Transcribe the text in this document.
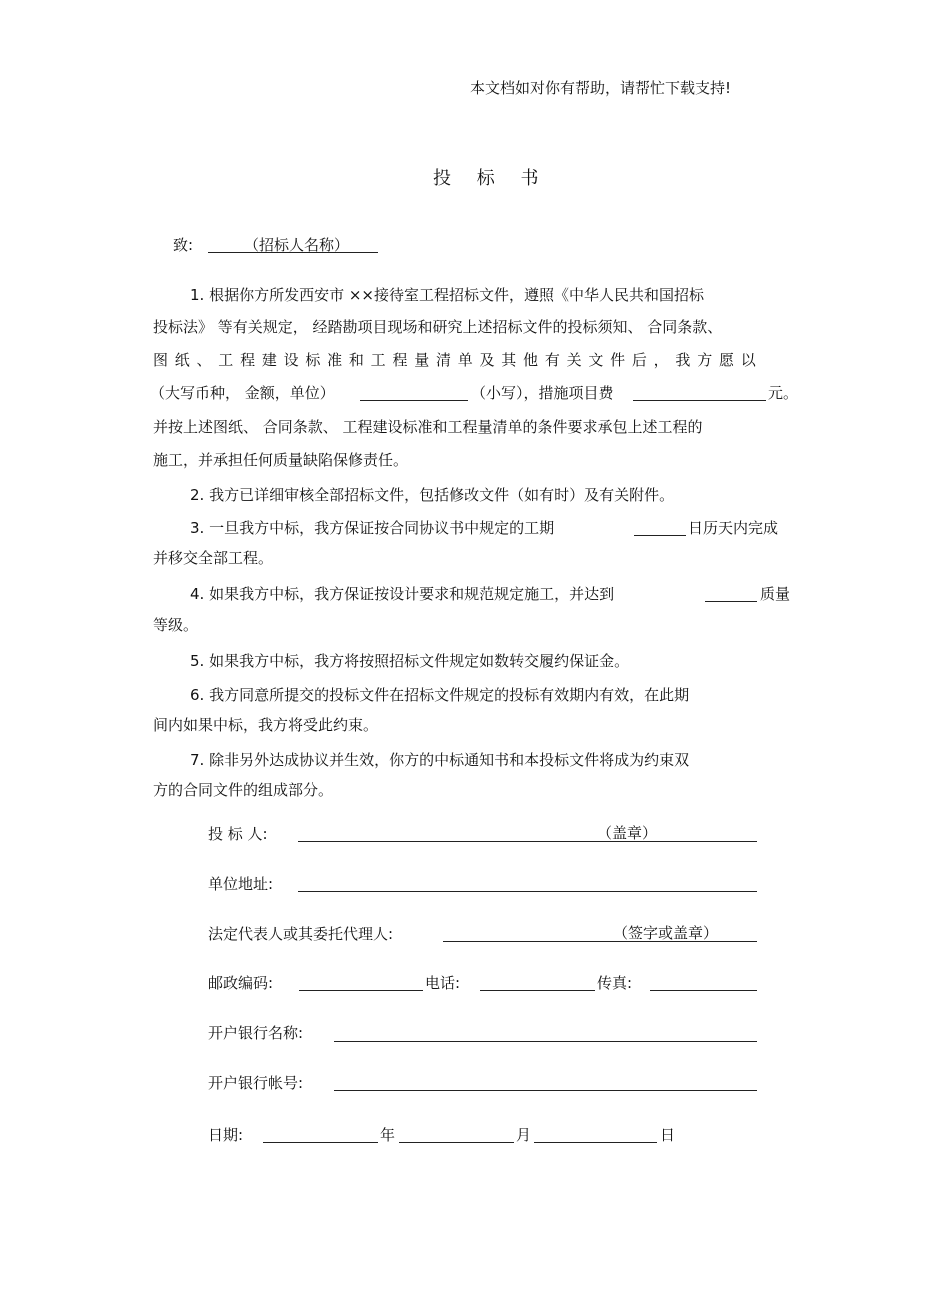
本文档如对你有帮助，请帮忙下载支持!
投 标 书
致:	（招标人名称）
1. 根据你方所发西安市 ××接待室工程招标文件，遵照《中华人民共和国招标
投标法》 等有关规定， 经踏勘项目现场和研究上述招标文件的投标须知、 合同条款、
图 纸 、 工 程 建 设 标 准 和 工 程 量 清 单 及 其 他 有 关 文 件 后 ， 我 方 愿 以
（大写币种， 金额，单位）	（小写），措施项目费	元。
并按上述图纸、 合同条款、 工程建设标准和工程量清单的条件要求承包上述工程的
施工，并承担任何质量缺陷保修责任。
2. 我方已详细审核全部招标文件，包括修改文件（如有时）及有关附件。
3. 一旦我方中标，我方保证按合同协议书中规定的工期	日历天内完成
并移交全部工程。
4. 如果我方中标，我方保证按设计要求和规范规定施工，并达到	质量
等级。
5. 如果我方中标，我方将按照招标文件规定如数转交履约保证金。
6. 我方同意所提交的投标文件在招标文件规定的投标有效期内有效，在此期
间内如果中标，我方将受此约束。
7. 除非另外达成协议并生效，你方的中标通知书和本投标文件将成为约束双
方的合同文件的组成部分。
投 标 人:	（盖章）
单位地址:
法定代表人或其委托代理人:	（签字或盖章）
邮政编码:	电话:	传真:
开户银行名称:
开户银行帐号:
日期:	年	月	日
